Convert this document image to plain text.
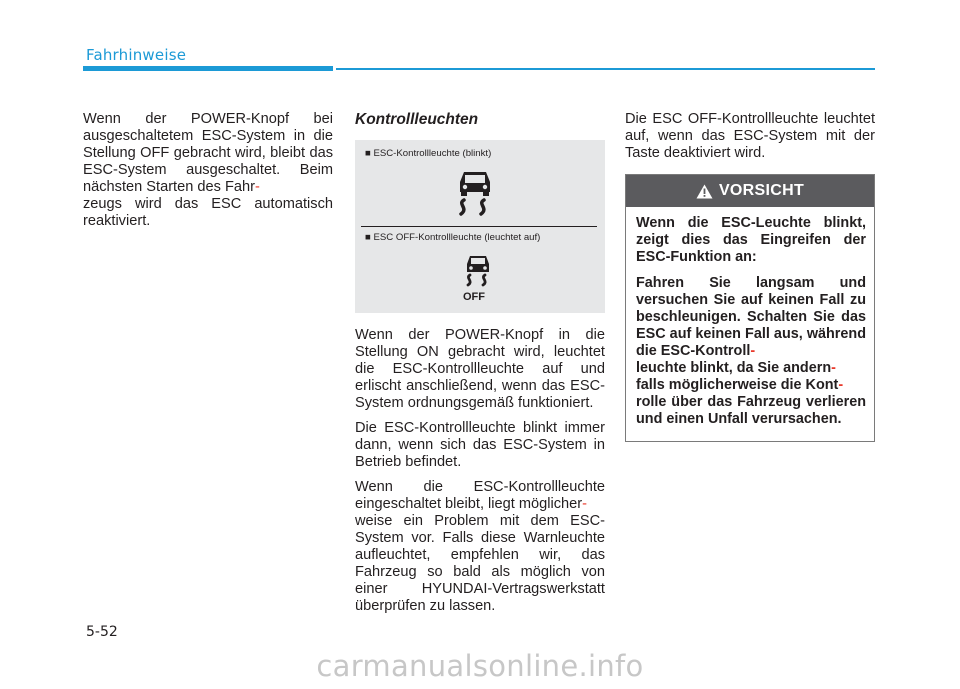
Fahrhinweise

Wenn der POWER-Knopf bei ausgeschaltetem ESC-System in die Stellung OFF gebracht wird, bleibt das ESC-System ausgeschaltet. Beim nächsten Starten des Fahr-
zeugs wird das ESC automatisch reaktiviert.

Kontrollleuchten
■ ESC-Kontrollleuchte (blinkt)
■ ESC OFF-Kontrollleuchte (leuchtet auf)
OFF

Wenn der POWER-Knopf in die Stellung ON gebracht wird, leuchtet die ESC-Kontrollleuchte auf und erlischt anschließend, wenn das ESC-System ordnungsgemäß funktioniert.

Die ESC-Kontrollleuchte blinkt immer dann, wenn sich das ESC-System in Betrieb befindet.

Wenn die ESC-Kontrollleuchte eingeschaltet bleibt, liegt möglicher-
weise ein Problem mit dem ESC-System vor. Falls diese Warnleuchte aufleuchtet, empfehlen wir, das Fahrzeug so bald als möglich von einer HYUNDAI-Vertragswerkstatt überprüfen zu lassen.

Die ESC OFF-Kontrollleuchte leuchtet auf, wenn das ESC-System mit der Taste deaktiviert wird.

VORSICHT

Wenn die ESC-Leuchte blinkt, zeigt dies das Eingreifen der ESC-Funktion an:

Fahren Sie langsam und versuchen Sie auf keinen Fall zu beschleunigen. Schalten Sie das ESC auf keinen Fall aus, während die ESC-Kontroll-
leuchte blinkt, da Sie andern-
falls möglicherweise die Kont-
rolle über das Fahrzeug verlieren und einen Unfall verursachen.

5-52
carmanualsonline.info
